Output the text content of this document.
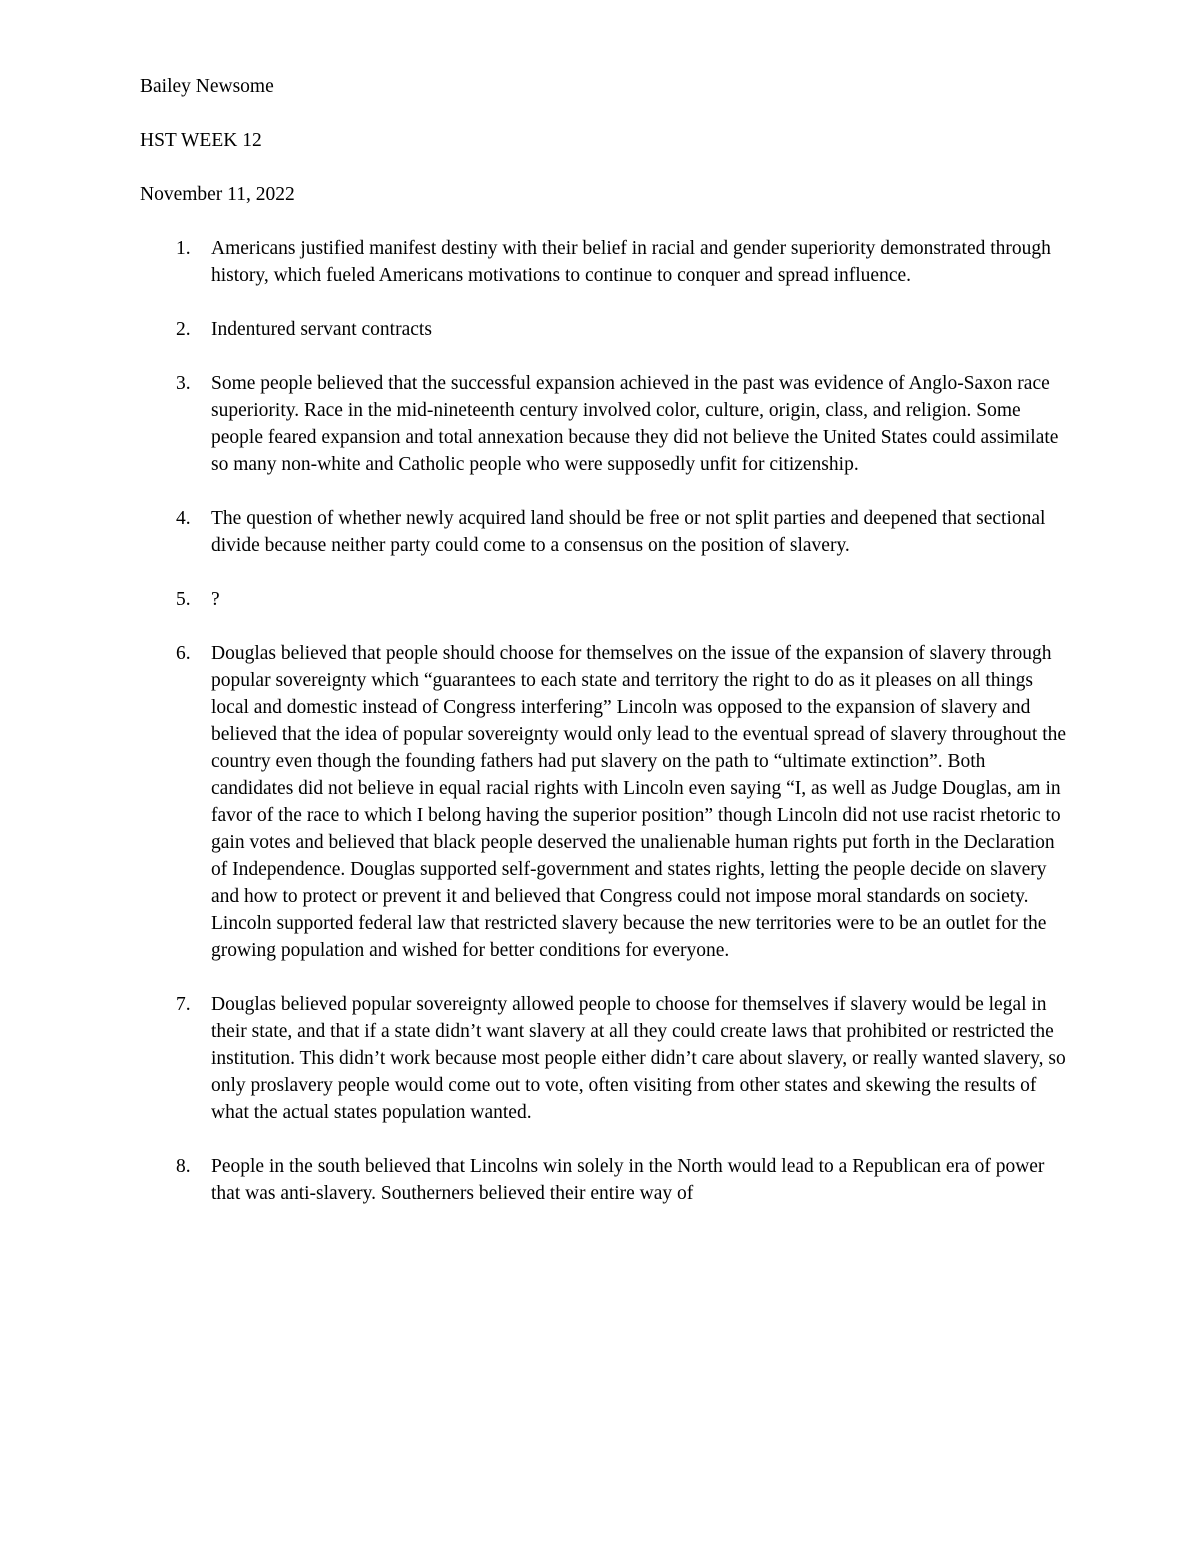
Bailey Newsome
HST WEEK 12
November 11, 2022
1. Americans justified manifest destiny with their belief in racial and gender superiority demonstrated through history, which fueled Americans motivations to continue to conquer and spread influence.
2. Indentured servant contracts
3. Some people believed that the successful expansion achieved in the past was evidence of Anglo-Saxon race superiority. Race in the mid-nineteenth century involved color, culture, origin, class, and religion. Some people feared expansion and total annexation because they did not believe the United States could assimilate so many non-white and Catholic people who were supposedly unfit for citizenship.
4. The question of whether newly acquired land should be free or not split parties and deepened that sectional divide because neither party could come to a consensus on the position of slavery.
5. ?
6. Douglas believed that people should choose for themselves on the issue of the expansion of slavery through popular sovereignty which “guarantees to each state and territory the right to do as it pleases on all things local and domestic instead of Congress interfering” Lincoln was opposed to the expansion of slavery and believed that the idea of popular sovereignty would only lead to the eventual spread of slavery throughout the country even though the founding fathers had put slavery on the path to “ultimate extinction”. Both candidates did not believe in equal racial rights with Lincoln even saying “I, as well as Judge Douglas, am in favor of the race to which I belong having the superior position” though Lincoln did not use racist rhetoric to gain votes and believed that black people deserved the unalienable human rights put forth in the Declaration of Independence. Douglas supported self-government and states rights, letting the people decide on slavery and how to protect or prevent it and believed that Congress could not impose moral standards on society. Lincoln supported federal law that restricted slavery because the new territories were to be an outlet for the growing population and wished for better conditions for everyone.
7. Douglas believed popular sovereignty allowed people to choose for themselves if slavery would be legal in their state, and that if a state didn’t want slavery at all they could create laws that prohibited or restricted the institution. This didn’t work because most people either didn’t care about slavery, or really wanted slavery, so only proslavery people would come out to vote, often visiting from other states and skewing the results of what the actual states population wanted.
8. People in the south believed that Lincolns win solely in the North would lead to a Republican era of power that was anti-slavery. Southerners believed their entire way of
